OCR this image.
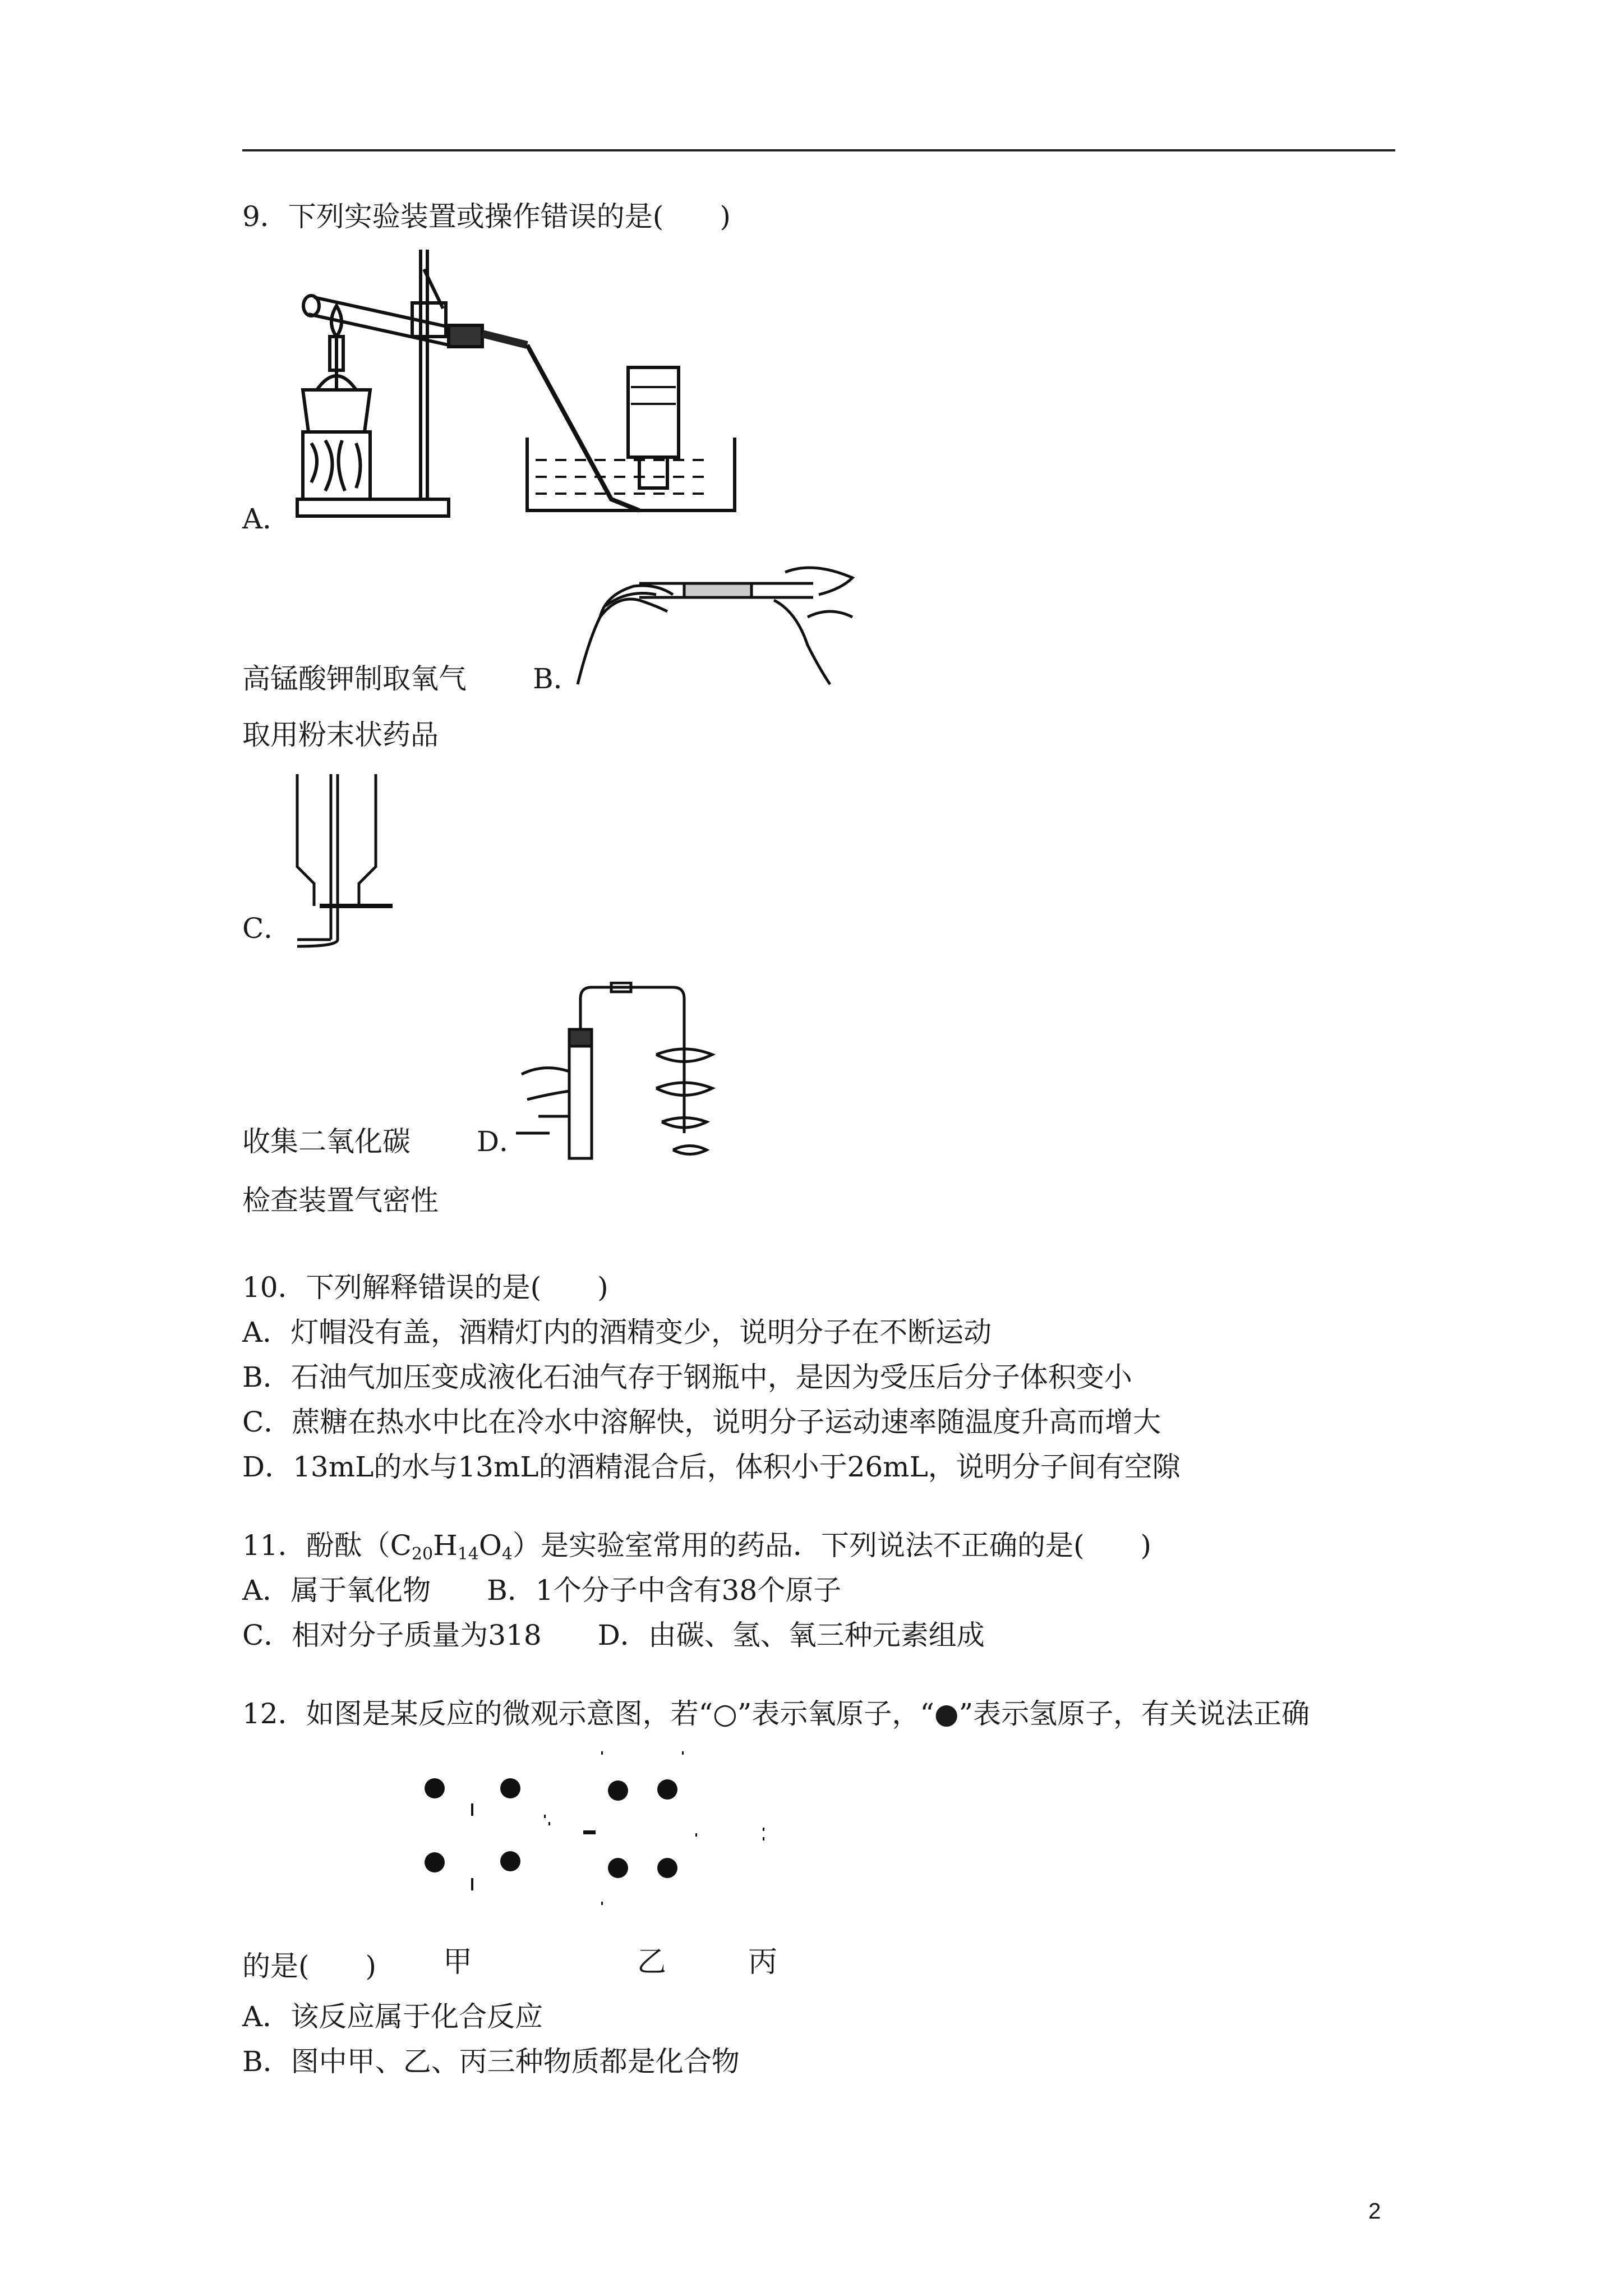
9．下列实验装置或操作错误的是(　　)
A．
高锰酸钾制取氧气 B．
取用粉末状药品
C．
收集二氧化碳 D．
检查装置气密性
10．下列解释错误的是(　　)
A．灯帽没有盖，酒精灯内的酒精变少，说明分子在不断运动
B．石油气加压变成液化石油气存于钢瓶中，是因为受压后分子体积变小
C．蔗糖在热水中比在冷水中溶解快，说明分子运动速率随温度升高而增大
D．13mL的水与13mL的酒精混合后，体积小于26mL，说明分子间有空隙
11．酚酞$(C_{20}H_{14}O_4)$是实验室常用的药品．下列说法不正确的是(　　)
A．属于氧化物　　B．1个分子中含有38个原子
C．相对分子质量为318　　D．由碳、氢、氧三种元素组成
12．如图是某反应的微观示意图，若“○”表示氧原子，“●”表示氢原子，有关说法正确
的是(　　) 甲	乙	丙
A．该反应属于化合反应
B．图中甲、乙、丙三种物质都是化合物
2
